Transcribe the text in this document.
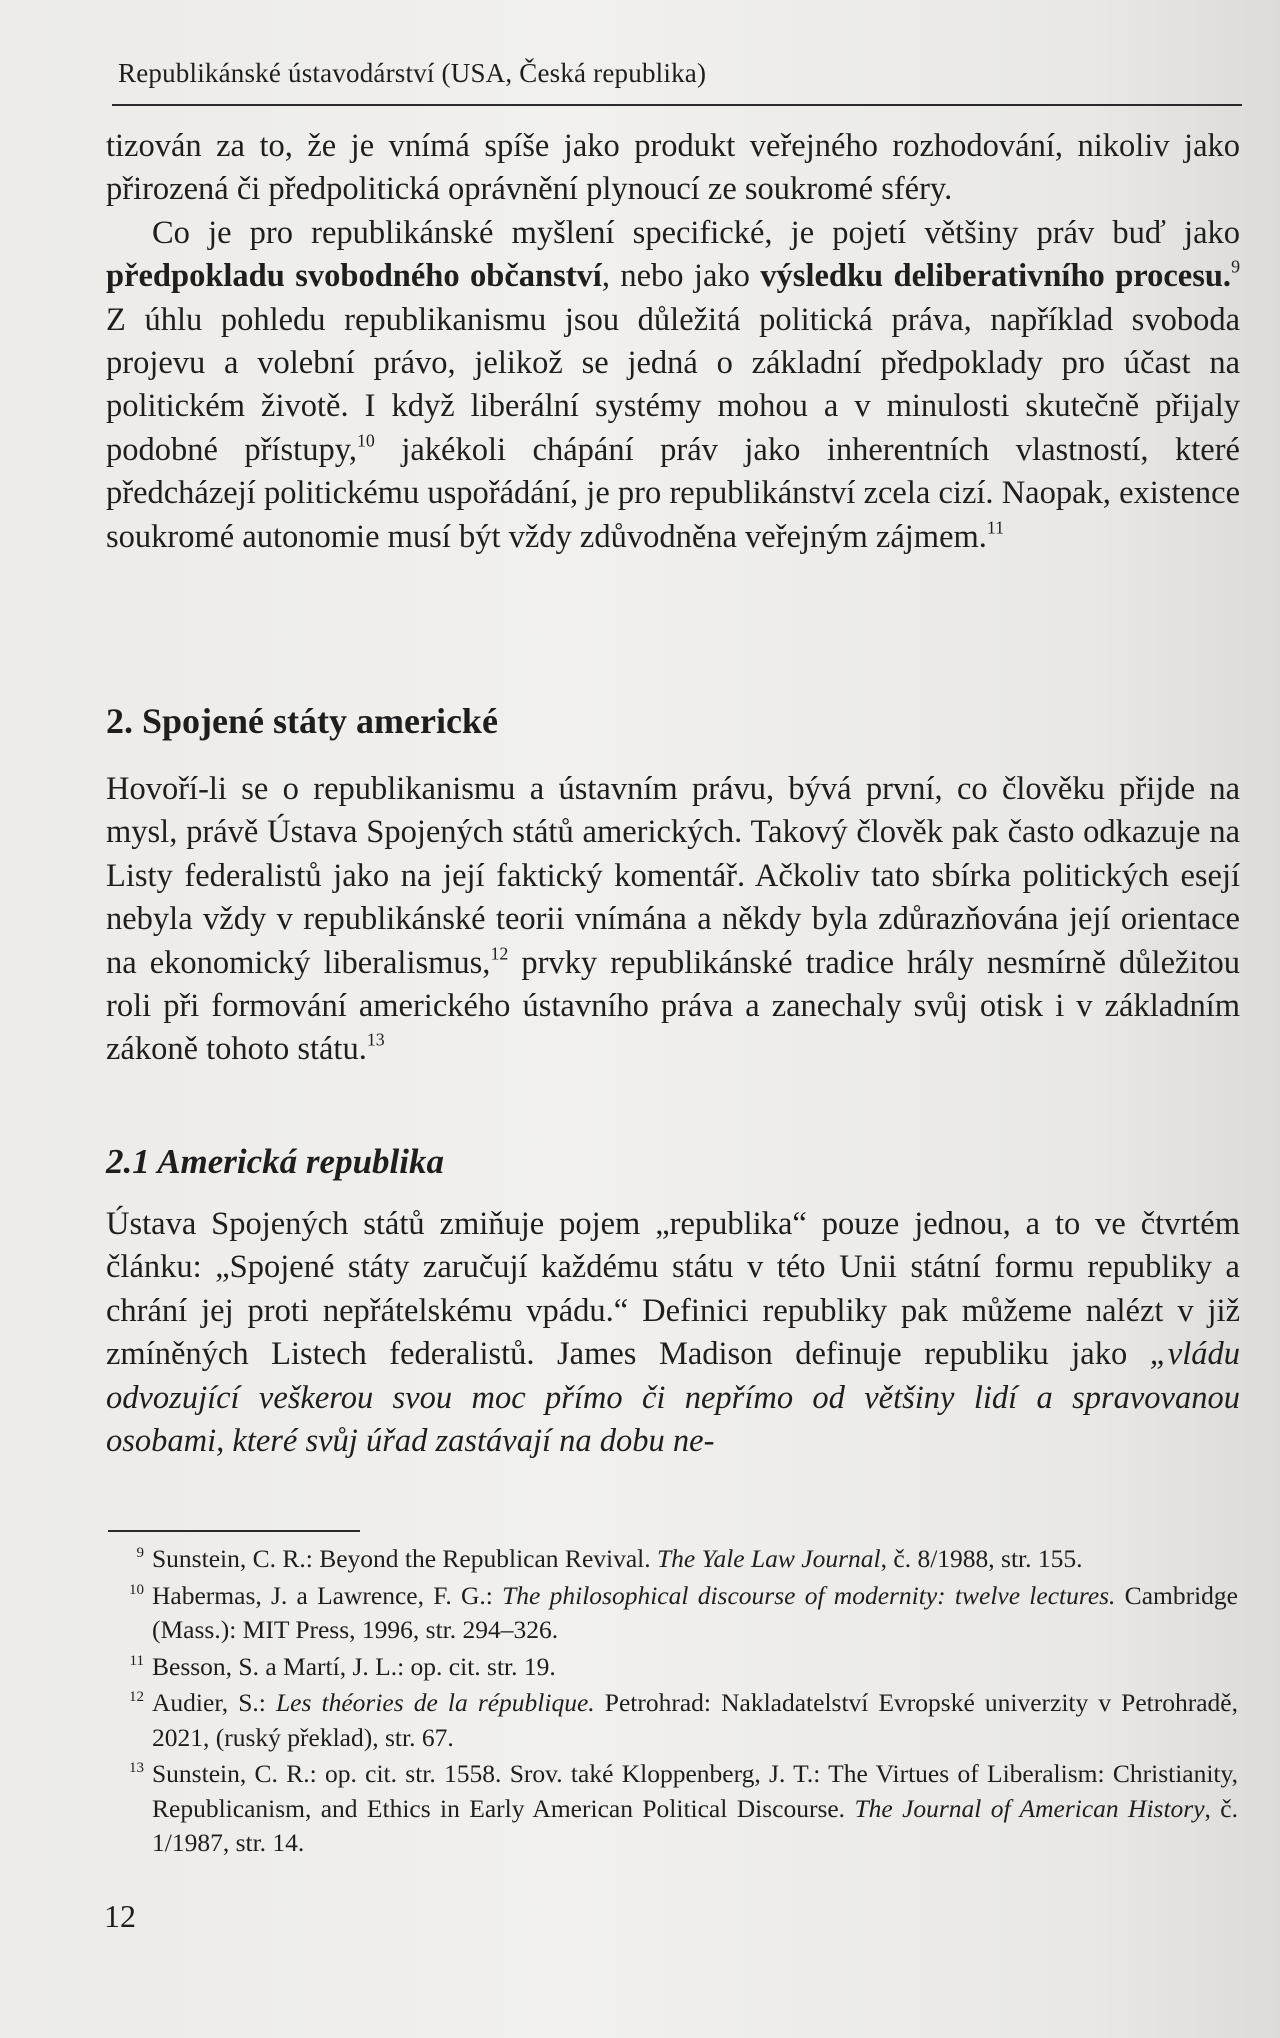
Republikánské ústavodárství (USA, Česká republika)

tizován za to, že je vnímá spíše jako produkt veřejného rozhodování, nikoliv jako přirozená či předpolitická oprávnění plynoucí ze soukromé sféry.

Co je pro republikánské myšlení specifické, je pojetí většiny práv buď jako předpokladu svobodného občanství, nebo jako výsledku deliberativního procesu.$^9$ Z úhlu pohledu republikanismu jsou důležitá politická práva, například svoboda projevu a volební právo, jelikož se jedná o základní předpoklady pro účast na politickém životě. I když liberální systémy mohou a v minulosti skutečně přijaly podobné přístupy,$^{10}$ jakékoli chápání práv jako inherentních vlastností, které předcházejí politickému uspořádání, je pro republikánství zcela cizí. Naopak, existence soukromé autonomie musí být vždy zdůvodněna veřejným zájmem.$^{11}$

2. Spojené státy americké

Hovoří-li se o republikanismu a ústavním právu, bývá první, co člověku přijde na mysl, právě Ústava Spojených států amerických. Takový člověk pak často odkazuje na Listy federalistů jako na její faktický komentář. Ačkoliv tato sbírka politických esejí nebyla vždy v republikánské teorii vnímána a někdy byla zdůrazňována její orientace na ekonomický liberalismus,$^{12}$ prvky republikánské tradice hrály nesmírně důležitou roli při formování amerického ústavního práva a zanechaly svůj otisk i v základním zákoně tohoto státu.$^{13}$

2.1 Americká republika

Ústava Spojených států zmiňuje pojem „republika“ pouze jednou, a to ve čtvrtém článku: „Spojené státy zaručují každému státu v této Unii státní formu republiky a chrání jej proti nepřátelskému vpádu.“ Definici republiky pak můžeme nalézt v již zmíněných Listech federalistů. James Madison definuje republiku jako „vládu odvozující veškerou svou moc přímo či nepřímo od většiny lidí a spravovanou osobami, které svůj úřad zastávají na dobu ne-

9 Sunstein, C. R.: Beyond the Republican Revival. The Yale Law Journal, č. 8/1988, str. 155.
10 Habermas, J. a Lawrence, F. G.: The philosophical discourse of modernity: twelve lectures. Cambridge (Mass.): MIT Press, 1996, str. 294–326.
11 Besson, S. a Martí, J. L.: op. cit. str. 19.
12 Audier, S.: Les théories de la république. Petrohrad: Nakladatelství Evropské univerzity v Petrohradě, 2021, (ruský překlad), str. 67.
13 Sunstein, C. R.: op. cit. str. 1558. Srov. také Kloppenberg, J. T.: The Virtues of Liberalism: Christianity, Republicanism, and Ethics in Early American Political Discourse. The Journal of American History, č. 1/1987, str. 14.
12
